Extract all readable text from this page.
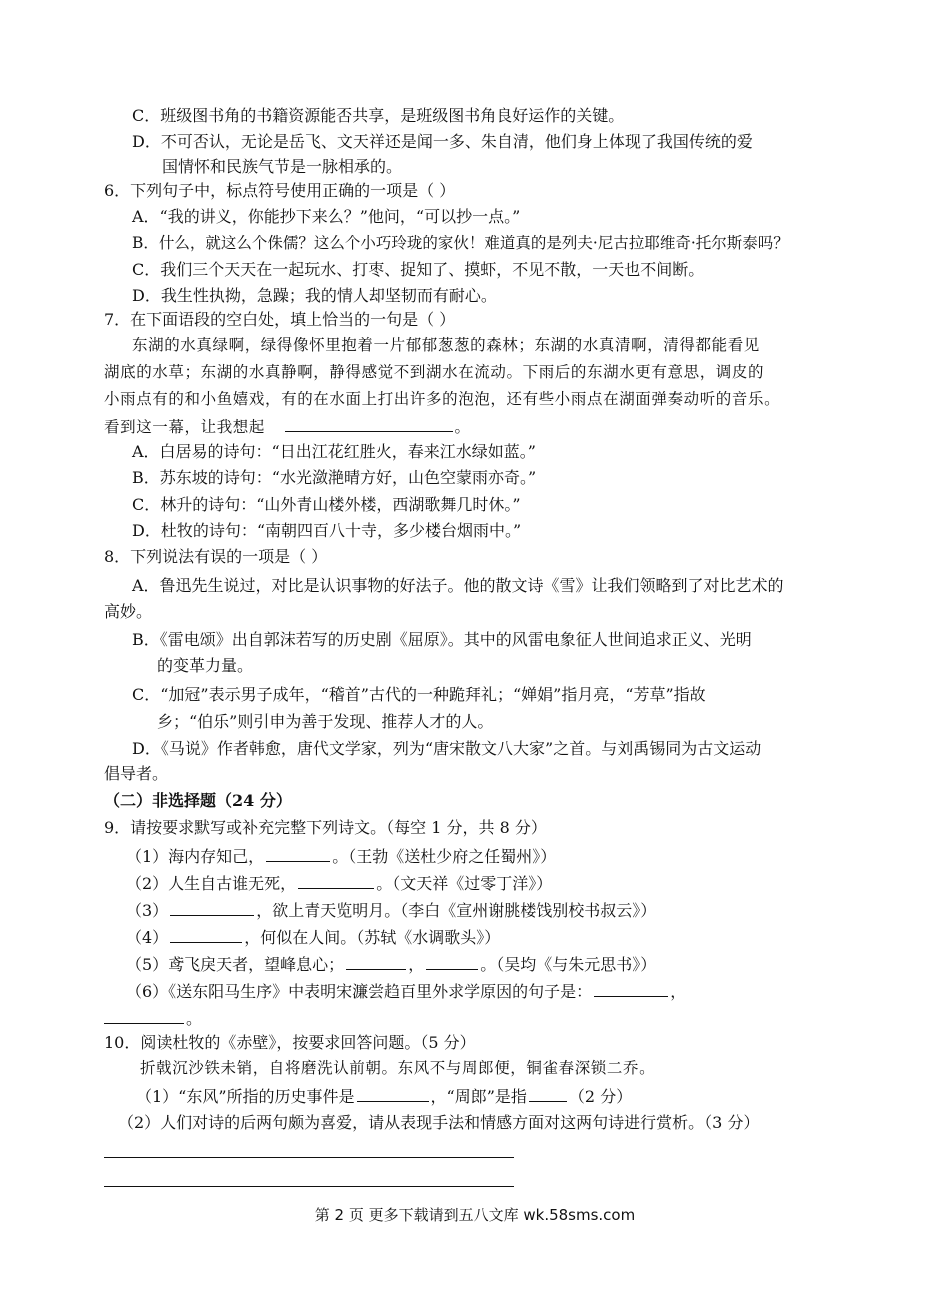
C．班级图书角的书籍资源能否共享，是班级图书角良好运作的关键。
D．不可否认，无论是岳飞、文天祥还是闻一多、朱自清，他们身上体现了我国传统的爱
国情怀和民族气节是一脉相承的。
6．下列句子中，标点符号使用正确的一项是（ ）
A．“我的讲义，你能抄下来么？”他问，“可以抄一点。”
B．什么，就这么个侏儒？这么个小巧玲珑的家伙！难道真的是列夫·尼古拉耶维奇·托尔斯泰吗？
C．我们三个天天在一起玩水、打枣、捉知了、摸虾，不见不散，一天也不间断。
D．我生性执拗，急躁；我的情人却坚韧而有耐心。
7．在下面语段的空白处，填上恰当的一句是（ ）
东湖的水真绿啊，绿得像怀里抱着一片郁郁葱葱的森林；东湖的水真清啊，清得都能看见
湖底的水草；东湖的水真静啊，静得感觉不到湖水在流动。下雨后的东湖水更有意思，调皮的
小雨点有的和小鱼嬉戏，有的在水面上打出许多的泡泡，还有些小雨点在湖面弹奏动听的音乐。
看到这一幕，让我想起	。
A．白居易的诗句：“日出江花红胜火，春来江水绿如蓝。”
B．苏东坡的诗句：“水光潋滟晴方好，山色空蒙雨亦奇。”
C．林升的诗句：“山外青山楼外楼，西湖歌舞几时休。”
D．杜牧的诗句：“南朝四百八十寺，多少楼台烟雨中。”
8．下列说法有误的一项是（ ）
A．鲁迅先生说过，对比是认识事物的好法子。他的散文诗《雪》让我们领略到了对比艺术的
高妙。
B．《雷电颂》出自郭沫若写的历史剧《屈原》。其中的风雷电象征人世间追求正义、光明
的变革力量。
C．“加冠”表示男子成年，“稽首”古代的一种跪拜礼；“婵娟”指月亮，“芳草”指故
乡；“伯乐”则引申为善于发现、推荐人才的人。
D．《马说》作者韩愈，唐代文学家，列为“唐宋散文八大家”之首。与刘禹锡同为古文运动
倡导者。
（二）非选择题（24 分）
9．请按要求默写或补充完整下列诗文。（每空 1 分，共 8 分）
（1）海内存知己，	。（王勃《送杜少府之任蜀州》）
（2）人生自古谁无死，	。（文天祥《过零丁洋》）
（3）	，欲上青天览明月。（李白《宣州谢朓楼饯别校书叔云》）
（4）	，何似在人间。（苏轼《水调歌头》）
（5）鸢飞戾天者，望峰息心；	，	。（吴均《与朱元思书》）
（6）《送东阳马生序》中表明宋濂尝趋百里外求学原因的句子是：	，
。
10．阅读杜牧的《赤壁》，按要求回答问题。（5 分）
折戟沉沙铁未销，自将磨洗认前朝。东风不与周郎便，铜雀春深锁二乔。
（1）“东风”所指的历史事件是	，“周郎”是指	（2 分）
（2）人们对诗的后两句颇为喜爱，请从表现手法和情感方面对这两句诗进行赏析。（3 分）
第 2 页 更多下载请到五八文库 wk.58sms.com
